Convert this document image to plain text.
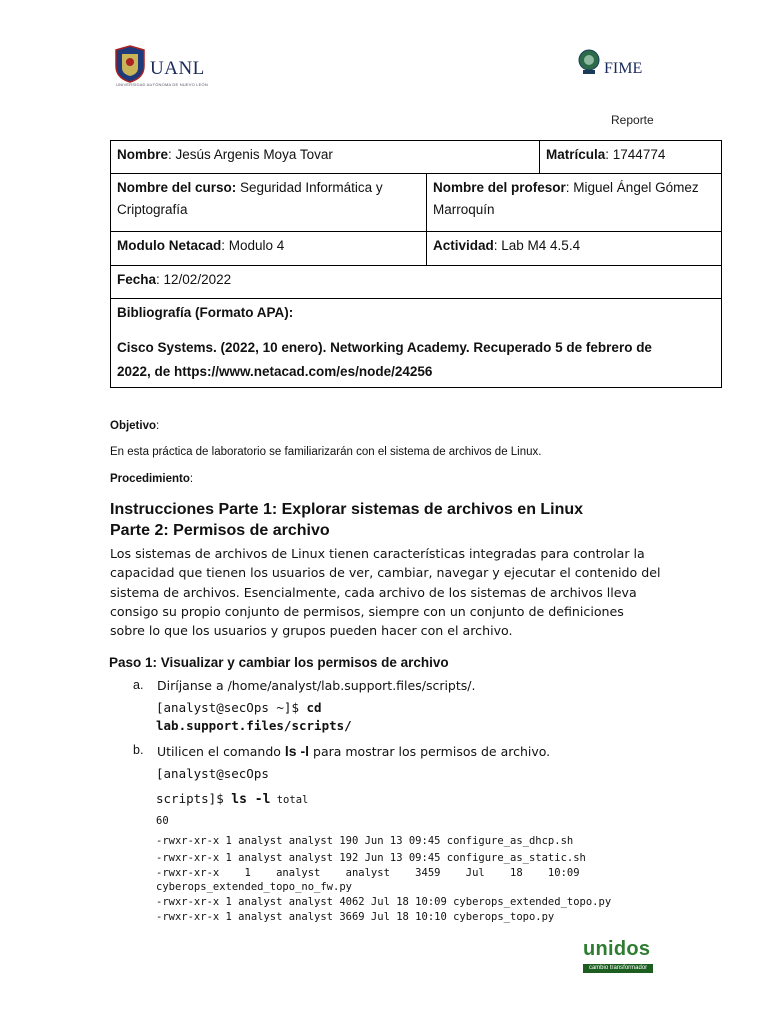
UANL
UNIVERSIDAD AUTÓNOMA DE NUEVO LEÓN
FIME
Reporte
Nombre: Jesús Argenis Moya Tovar	Matrícula: 1744774
Nombre del curso: Seguridad Informática y
Criptografía
Nombre del profesor: Miguel Ángel Gómez
Marroquín
Modulo Netacad: Modulo 4	Actividad: Lab M4 4.5.4
Fecha: 12/02/2022
Bibliografía (Formato APA):
Cisco Systems. (2022, 10 enero). Networking Academy. Recuperado 5 de febrero de
2022, de https://www.netacad.com/es/node/24256
Objetivo:
En esta práctica de laboratorio se familiarizarán con el sistema de archivos de Linux.
Procedimiento:
Instrucciones Parte 1: Explorar sistemas de archivos en Linux
Parte 2: Permisos de archivo
Los sistemas de archivos de Linux tienen características integradas para controlar la
capacidad que tienen los usuarios de ver, cambiar, navegar y ejecutar el contenido del
sistema de archivos. Esencialmente, cada archivo de los sistemas de archivos lleva
consigo su propio conjunto de permisos, siempre con un conjunto de definiciones
sobre lo que los usuarios y grupos pueden hacer con el archivo.
Paso 1: Visualizar y cambiar los permisos de archivo
a. Diríjanse a /home/analyst/lab.support.files/scripts/.
[analyst@secOps ~]$ cd
lab.support.files/scripts/
b. Utilicen el comando ls -l para mostrar los permisos de archivo.
[analyst@secOps
scripts]$ ls -l total
60
-rwxr-xr-x 1 analyst analyst 190 Jun 13 09:45 configure_as_dhcp.sh
-rwxr-xr-x 1 analyst analyst 192 Jun 13 09:45 configure_as_static.sh
-rwxr-xr-x    1    analyst    analyst    3459    Jul    18    10:09
cyberops_extended_topo_no_fw.py
-rwxr-xr-x 1 analyst analyst 4062 Jul 18 10:09 cyberops_extended_topo.py
-rwxr-xr-x 1 analyst analyst 3669 Jul 18 10:10 cyberops_topo.py
unidos
cambio transformador
